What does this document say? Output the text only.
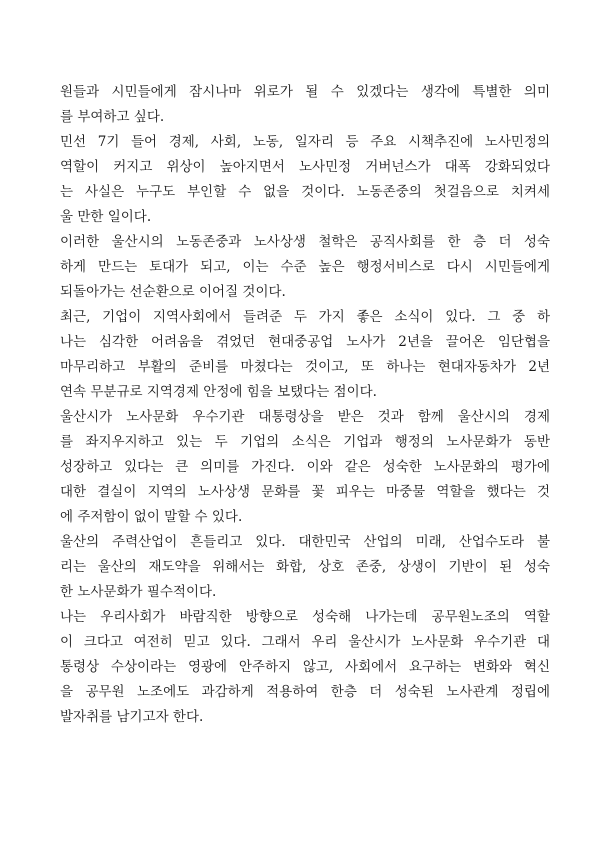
원들과 시민들에게 잠시나마 위로가 될 수 있겠다는 생각에 특별한 의미
를 부여하고 싶다.
민선 7기 들어 경제, 사회, 노동, 일자리 등 주요 시책추진에 노사민정의
역할이 커지고 위상이 높아지면서 노사민정 거버넌스가 대폭 강화되었다
는 사실은 누구도 부인할 수 없을 것이다. 노동존중의 첫걸음으로 치켜세
울 만한 일이다.
이러한 울산시의 노동존중과 노사상생 철학은 공직사회를 한 층 더 성숙
하게 만드는 토대가 되고, 이는 수준 높은 행정서비스로 다시 시민들에게
되돌아가는 선순환으로 이어질 것이다.
최근, 기업이 지역사회에서 들려준 두 가지 좋은 소식이 있다. 그 중 하
나는 심각한 어려움을 겪었던 현대중공업 노사가 2년을 끌어온 임단협을
마무리하고 부활의 준비를 마쳤다는 것이고, 또 하나는 현대자동차가 2년
연속 무분규로 지역경제 안정에 힘을 보탰다는 점이다.
울산시가 노사문화 우수기관 대통령상을 받은 것과 함께 울산시의 경제
를 좌지우지하고 있는 두 기업의 소식은 기업과 행정의 노사문화가 동반
성장하고 있다는 큰 의미를 가진다. 이와 같은 성숙한 노사문화의 평가에
대한 결실이 지역의 노사상생 문화를 꽃 피우는 마중물 역할을 했다는 것
에 주저함이 없이 말할 수 있다.
울산의 주력산업이 흔들리고 있다. 대한민국 산업의 미래, 산업수도라 불
리는 울산의 재도약을 위해서는 화합, 상호 존중, 상생이 기반이 된 성숙
한 노사문화가 필수적이다.
나는 우리사회가 바람직한 방향으로 성숙해 나가는데 공무원노조의 역할
이 크다고 여전히 믿고 있다. 그래서 우리 울산시가 노사문화 우수기관 대
통령상 수상이라는 영광에 안주하지 않고, 사회에서 요구하는 변화와 혁신
을 공무원 노조에도 과감하게 적용하여 한층 더 성숙된 노사관계 정립에
발자취를 남기고자 한다.
